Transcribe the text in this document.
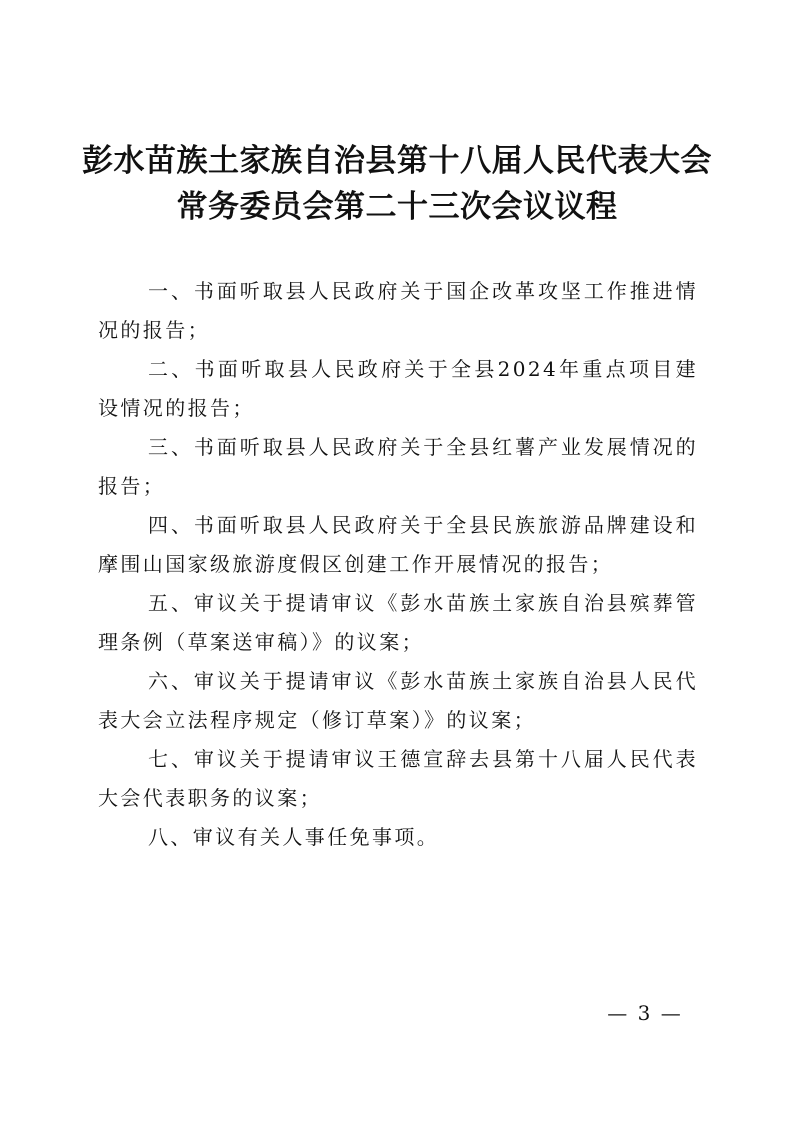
彭水苗族土家族自治县第十八届人民代表大会
常务委员会第二十三次会议议程

一、书面听取县人民政府关于国企改革攻坚工作推进情况的报告；

二、书面听取县人民政府关于全县2024年重点项目建设情况的报告；

三、书面听取县人民政府关于全县红薯产业发展情况的报告；

四、书面听取县人民政府关于全县民族旅游品牌建设和摩围山国家级旅游度假区创建工作开展情况的报告；

五、审议关于提请审议《彭水苗族土家族自治县殡葬管理条例（草案送审稿）》的议案；

六、审议关于提请审议《彭水苗族土家族自治县人民代表大会立法程序规定（修订草案）》的议案；

七、审议关于提请审议王德宣辞去县第十八届人民代表大会代表职务的议案；

八、审议有关人事任免事项。

— 3 —
